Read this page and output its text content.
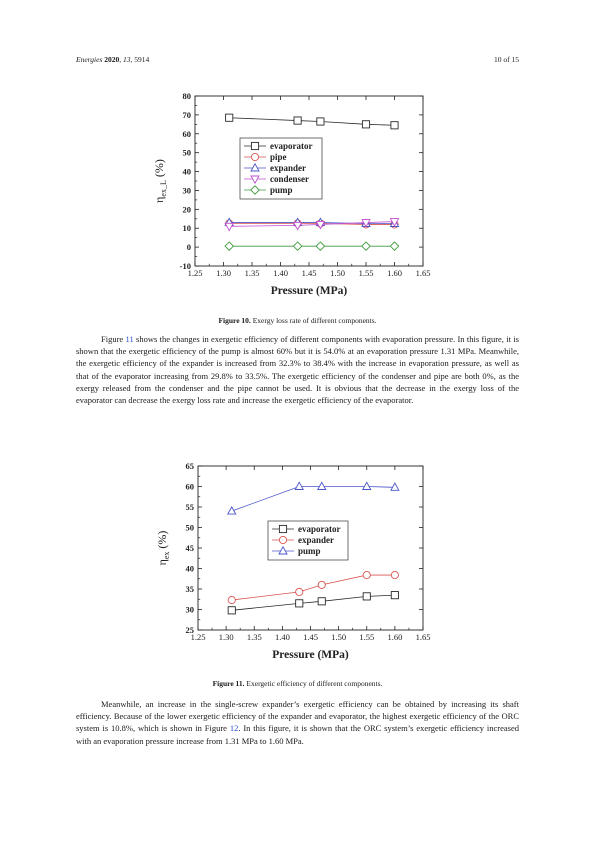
Energies 2020, 13, 5914	10 of 15
1.25 1.30 1.35 1.40 1.45 1.50 1.55 1.60 1.65
-10
0
10
20
30
40
50
60
70
80
Pressure (MPa)
$\eta_{ex\_L}$ (%)
evaporator
pipe
expander
condenser
pump
Figure 10. Exergy loss rate of different components.

Figure 11 shows the changes in exergetic efficiency of different components with evaporation pressure. In this figure, it is shown that the exergetic efficiency of the pump is almost 60% but it is 54.0% at an evaporation pressure 1.31 MPa. Meanwhile, the exergetic efficiency of the expander is increased from 32.3% to 38.4% with the increase in evaporation pressure, as well as that of the evaporator increasing from 29.8% to 33.5%. The exergetic efficiency of the condenser and pipe are both 0%, as the exergy released from the condenser and the pipe cannot be used. It is obvious that the decrease in the exergy loss of the evaporator can decrease the exergy loss rate and increase the exergetic efficiency of the evaporator.

1.25 1.30 1.35 1.40 1.45 1.50 1.55 1.60 1.65
25
30
35
40
45
50
55
60
65
Pressure (MPa)
$\eta_{ex}$ (%)
evaporator
expander
pump
Figure 11. Exergetic efficiency of different components.

Meanwhile, an increase in the single-screw expander’s exergetic efficiency can be obtained by increasing its shaft efficiency. Because of the lower exergetic efficiency of the expander and evaporator, the highest exergetic efficiency of the ORC system is 10.8%, which is shown in Figure 12. In this figure, it is shown that the ORC system’s exergetic efficiency increased with an evaporation pressure increase from 1.31 MPa to 1.60 MPa.
